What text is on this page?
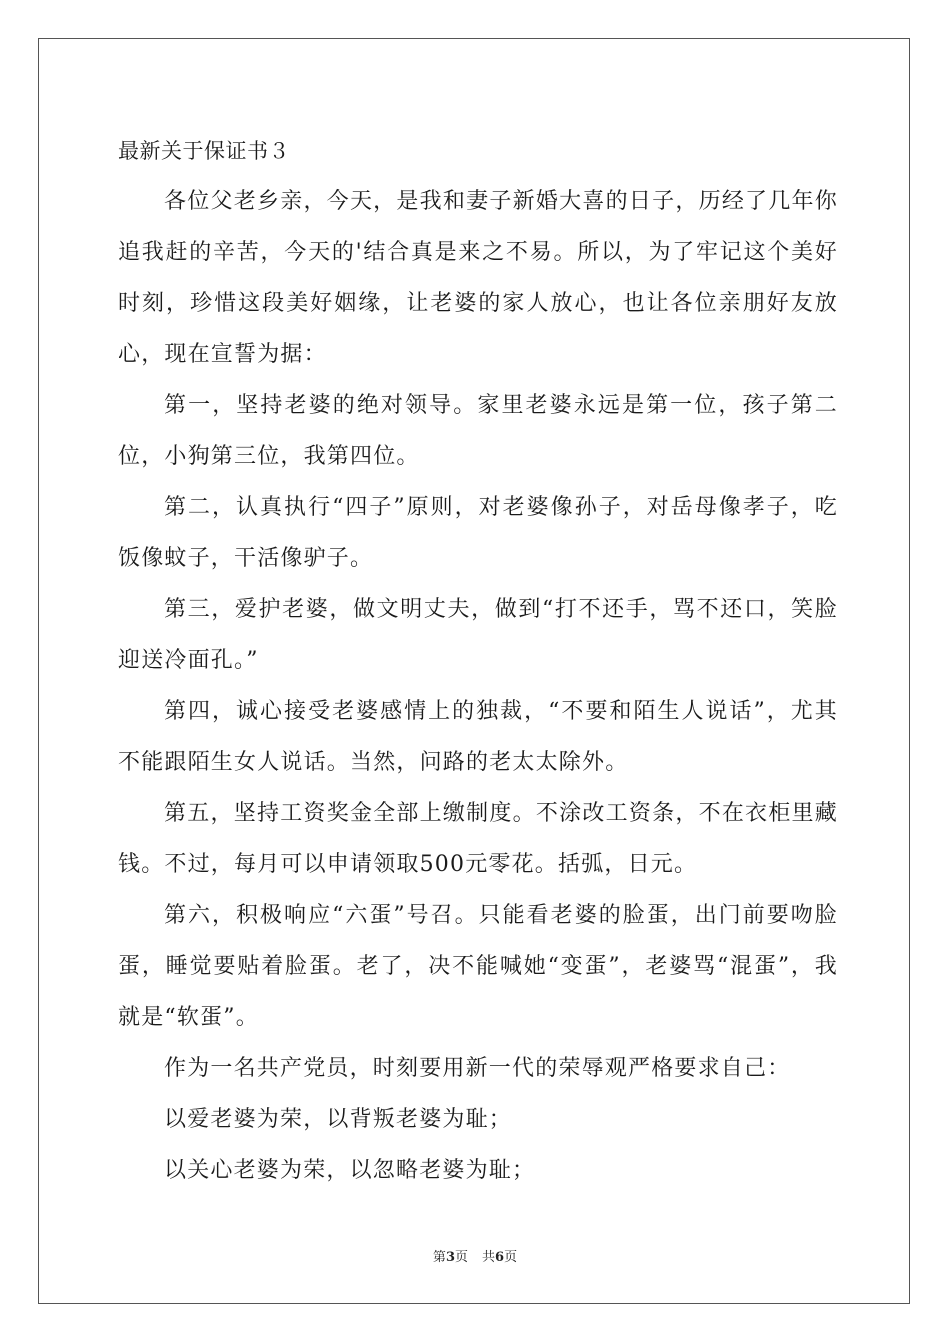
最新关于保证书３

各位父老乡亲，今天，是我和妻子新婚大喜的日子，历经了几年你追我赶的辛苦，今天的'结合真是来之不易。所以，为了牢记这个美好时刻，珍惜这段美好姻缘，让老婆的家人放心，也让各位亲朋好友放心，现在宣誓为据：

第一，坚持老婆的绝对领导。家里老婆永远是第一位，孩子第二位，小狗第三位，我第四位。

第二，认真执行“四子”原则，对老婆像孙子，对岳母像孝子，吃饭像蚊子，干活像驴子。

第三，爱护老婆，做文明丈夫，做到“打不还手，骂不还口，笑脸迎送冷面孔。”

第四，诚心接受老婆感情上的独裁，“不要和陌生人说话”，尤其不能跟陌生女人说话。当然，问路的老太太除外。

第五，坚持工资奖金全部上缴制度。不涂改工资条，不在衣柜里藏钱。不过，每月可以申请领取500元零花。括弧，日元。

第六，积极响应“六蛋”号召。只能看老婆的脸蛋，出门前要吻脸蛋，睡觉要贴着脸蛋。老了，决不能喊她“变蛋”，老婆骂“混蛋”，我就是“软蛋”。

作为一名共产党员，时刻要用新一代的荣辱观严格要求自己：

以爱老婆为荣，以背叛老婆为耻；

以关心老婆为荣，以忽略老婆为耻；

第3页 共6页
